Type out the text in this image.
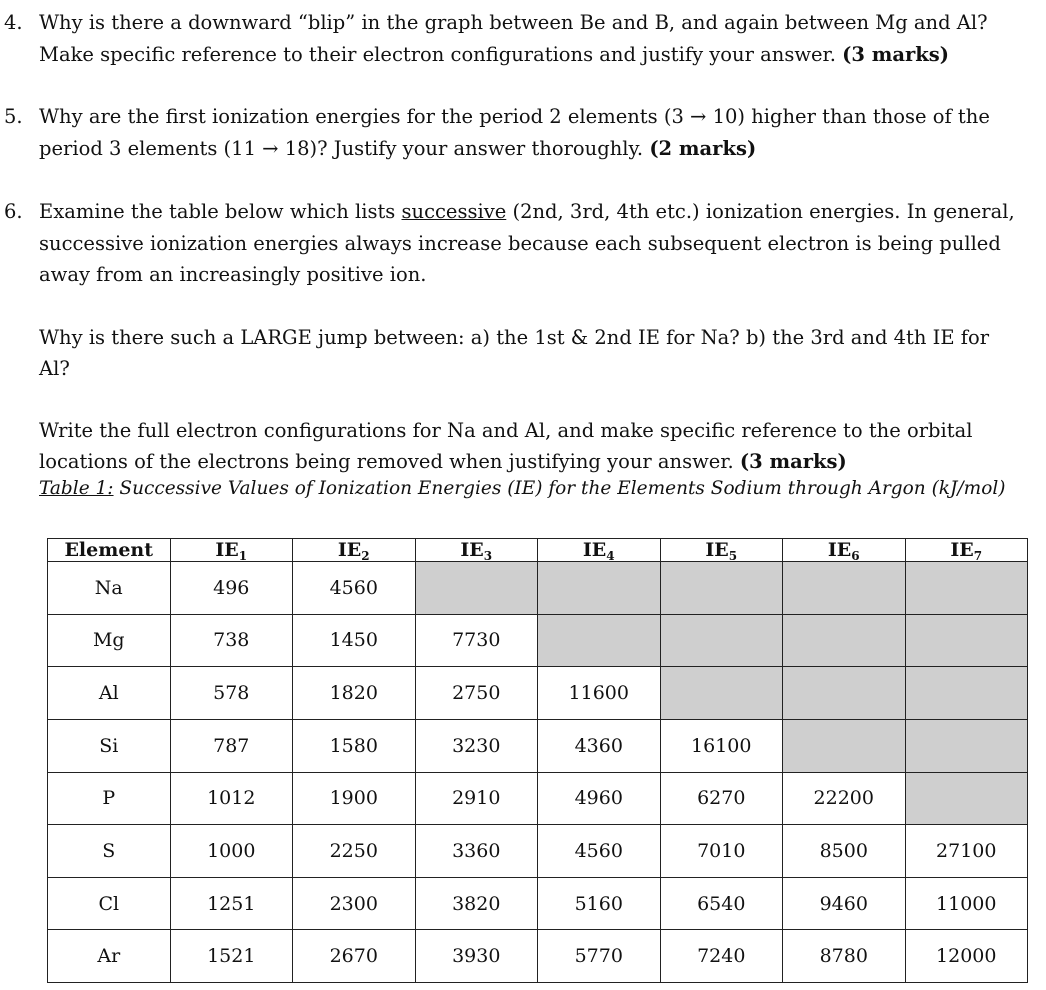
4. Why is there a downward “blip” in the graph between Be and B, and again between Mg and Al?
Make specific reference to their electron configurations and justify your answer. (3 marks)

5. Why are the first ionization energies for the period 2 elements (3 → 10) higher than those of the
period 3 elements (11 → 18)? Justify your answer thoroughly. (2 marks)

6. Examine the table below which lists successive (2nd, 3rd, 4th etc.) ionization energies. In general, successive ionization energies always increase because each subsequent electron is being pulled away from an increasingly positive ion.

Why is there such a LARGE jump between: a) the 1st & 2nd IE for Na? b) the 3rd and 4th IE for Al?

Write the full electron configurations for Na and Al, and make specific reference to the orbital locations of the electrons being removed when justifying your answer. (3 marks)

Table 1: Successive Values of Ionization Energies (IE) for the Elements Sodium through Argon (kJ/mol)
Element	$IE_1$	$IE_2$	$IE_3$	$IE_4$	$IE_5$	$IE_6$	$IE_7$
Na	496	4560					
Mg	738	1450	7730				
Al	578	1820	2750	11600			
Si	787	1580	3230	4360	16100		
P	1012	1900	2910	4960	6270	22200	
S	1000	2250	3360	4560	7010	8500	27100
Cl	1251	2300	3820	5160	6540	9460	11000
Ar	1521	2670	3930	5770	7240	8780	12000
